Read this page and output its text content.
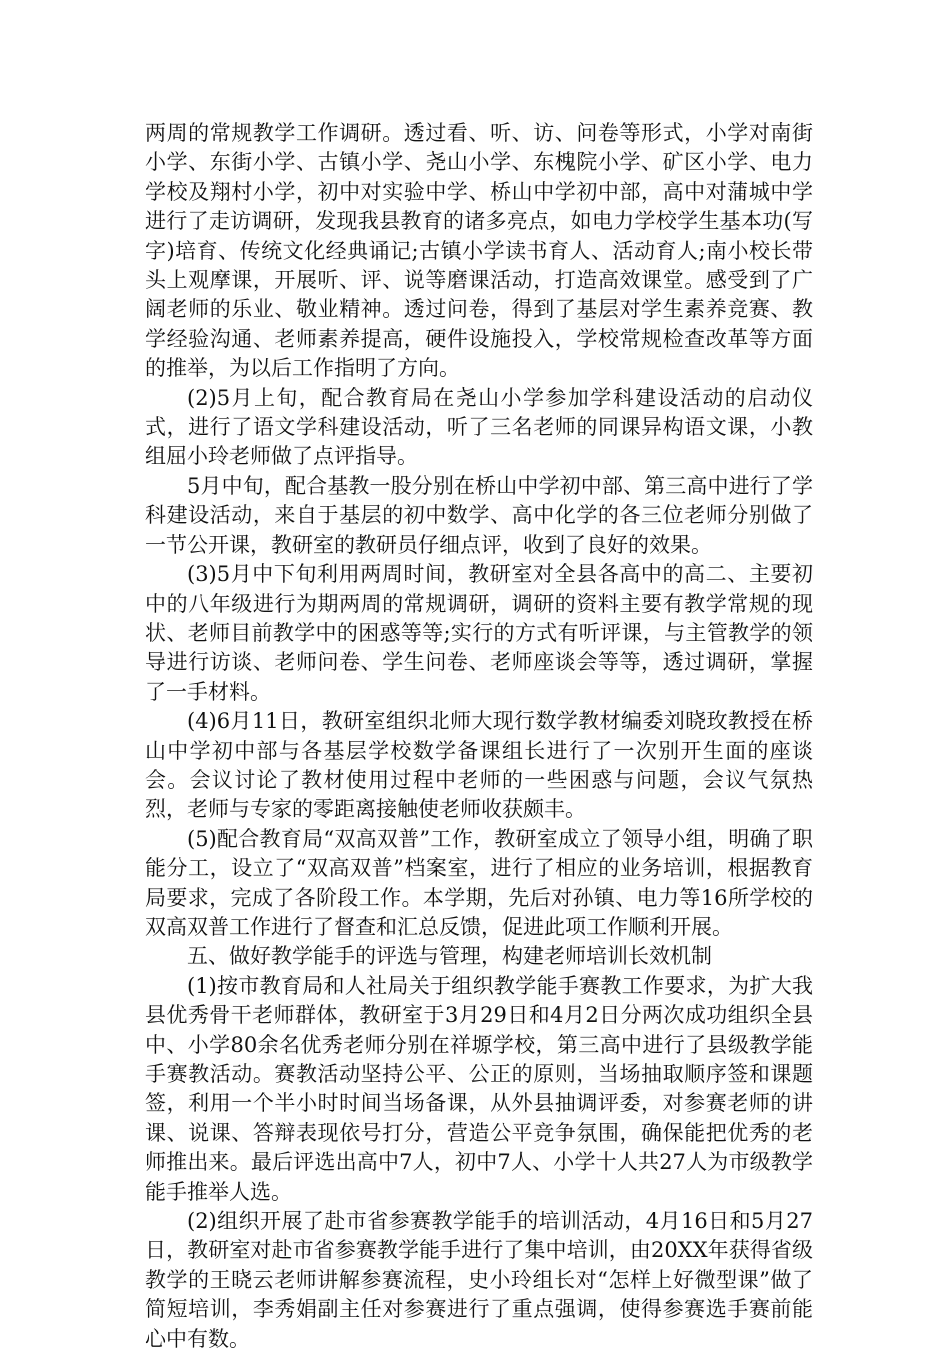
两周的常规教学工作调研。透过看、听、访、问卷等形式，小学对南街小学、东街小学、古镇小学、尧山小学、东槐院小学、矿区小学、电力学校及翔村小学，初中对实验中学、桥山中学初中部，高中对蒲城中学进行了走访调研，发现我县教育的诸多亮点，如电力学校学生基本功(写字)培育、传统文化经典诵记;古镇小学读书育人、活动育人;南小校长带头上观摩课，开展听、评、说等磨课活动，打造高效课堂。感受到了广阔老师的乐业、敬业精神。透过问卷，得到了基层对学生素养竞赛、教学经验沟通、老师素养提高，硬件设施投入，学校常规检查改革等方面的推举，为以后工作指明了方向。

(2)5月上旬，配合教育局在尧山小学参加学科建设活动的启动仪式，进行了语文学科建设活动，听了三名老师的同课异构语文课，小教组屈小玲老师做了点评指导。

5月中旬，配合基教一股分别在桥山中学初中部、第三高中进行了学科建设活动，来自于基层的初中数学、高中化学的各三位老师分别做了一节公开课，教研室的教研员仔细点评，收到了良好的效果。

(3)5月中下旬利用两周时间，教研室对全县各高中的高二、主要初中的八年级进行为期两周的常规调研，调研的资料主要有教学常规的现状、老师目前教学中的困惑等等;实行的方式有听评课，与主管教学的领导进行访谈、老师问卷、学生问卷、老师座谈会等等，透过调研，掌握了一手材料。

(4)6月11日，教研室组织北师大现行数学教材编委刘晓玫教授在桥山中学初中部与各基层学校数学备课组长进行了一次别开生面的座谈会。会议讨论了教材使用过程中老师的一些困惑与问题，会议气氛热烈，老师与专家的零距离接触使老师收获颇丰。

(5)配合教育局“双高双普”工作，教研室成立了领导小组，明确了职能分工，设立了“双高双普”档案室，进行了相应的业务培训，根据教育局要求，完成了各阶段工作。本学期，先后对孙镇、电力等16所学校的双高双普工作进行了督查和汇总反馈，促进此项工作顺利开展。

五、做好教学能手的评选与管理，构建老师培训长效机制

(1)按市教育局和人社局关于组织教学能手赛教工作要求，为扩大我县优秀骨干老师群体，教研室于3月29日和4月2日分两次成功组织全县中、小学80余名优秀老师分别在祥塬学校，第三高中进行了县级教学能手赛教活动。赛教活动坚持公平、公正的原则，当场抽取顺序签和课题签，利用一个半小时时间当场备课，从外县抽调评委，对参赛老师的讲课、说课、答辩表现依号打分，营造公平竞争氛围，确保能把优秀的老师推出来。最后评选出高中7人，初中7人、小学十人共27人为市级教学能手推举人选。

(2)组织开展了赴市省参赛教学能手的培训活动，4月16日和5月27日，教研室对赴市省参赛教学能手进行了集中培训，由20XX年获得省级教学的王晓云老师讲解参赛流程，史小玲组长对“怎样上好微型课”做了简短培训，李秀娟副主任对参赛进行了重点强调，使得参赛选手赛前能心中有数。
